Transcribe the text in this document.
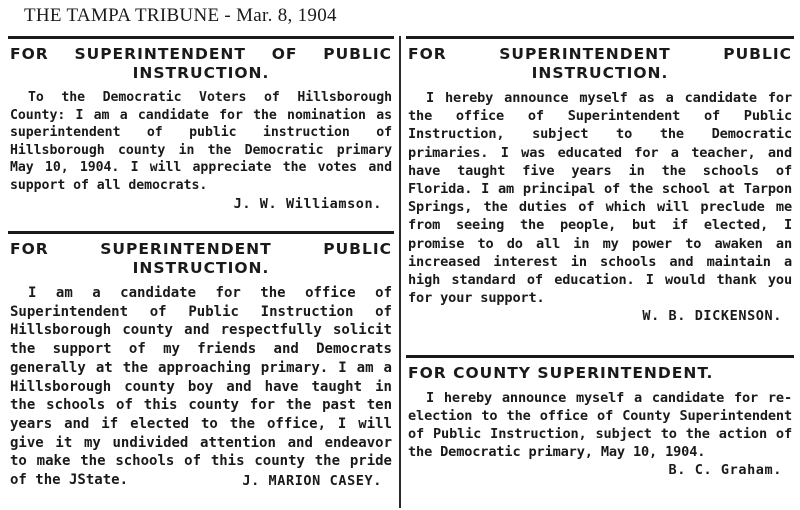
THE TAMPA TRIBUNE - Mar. 8, 1904

FOR SUPERINTENDENT OF PUBLIC INSTRUCTION.

To the Democratic Voters of Hillsborough County: I am a candidate for the nomination as superintendent of public instruction of Hillsborough county in the Democratic primary May 10, 1904. I will appreciate the votes and support of all democrats.

J. W. Williamson.

FOR SUPERINTENDENT PUBLIC INSTRUCTION.

I am a candidate for the office of Superintendent of Public Instruction of Hillsborough county and respectfully solicit the support of my friends and Democrats generally at the approaching primary. I am a Hillsborough county boy and have taught in the schools of this county for the past ten years and if elected to the office, I will give it my undivided attention and endeavor to make the schools of this county the pride of the JState.	J. MARION CASEY.

FOR SUPERINTENDENT PUBLIC INSTRUCTION.

I hereby announce myself as a candidate for the office of Superintendent of Public Instruction, subject to the Democratic primaries. I was educated for a teacher, and have taught five years in the schools of Florida. I am principal of the school at Tarpon Springs, the duties of which will preclude me from seeing the people, but if elected, I promise to do all in my power to awaken an increased interest in schools and maintain a high standard of education. I would thank you for your support.

W. B. DICKENSON.

FOR COUNTY SUPERINTENDENT.

I hereby announce myself a candidate for re-election to the office of County Superintendent of Public Instruction, subject to the action of the Democratic primary, May 10, 1904.

B. C. Graham.
